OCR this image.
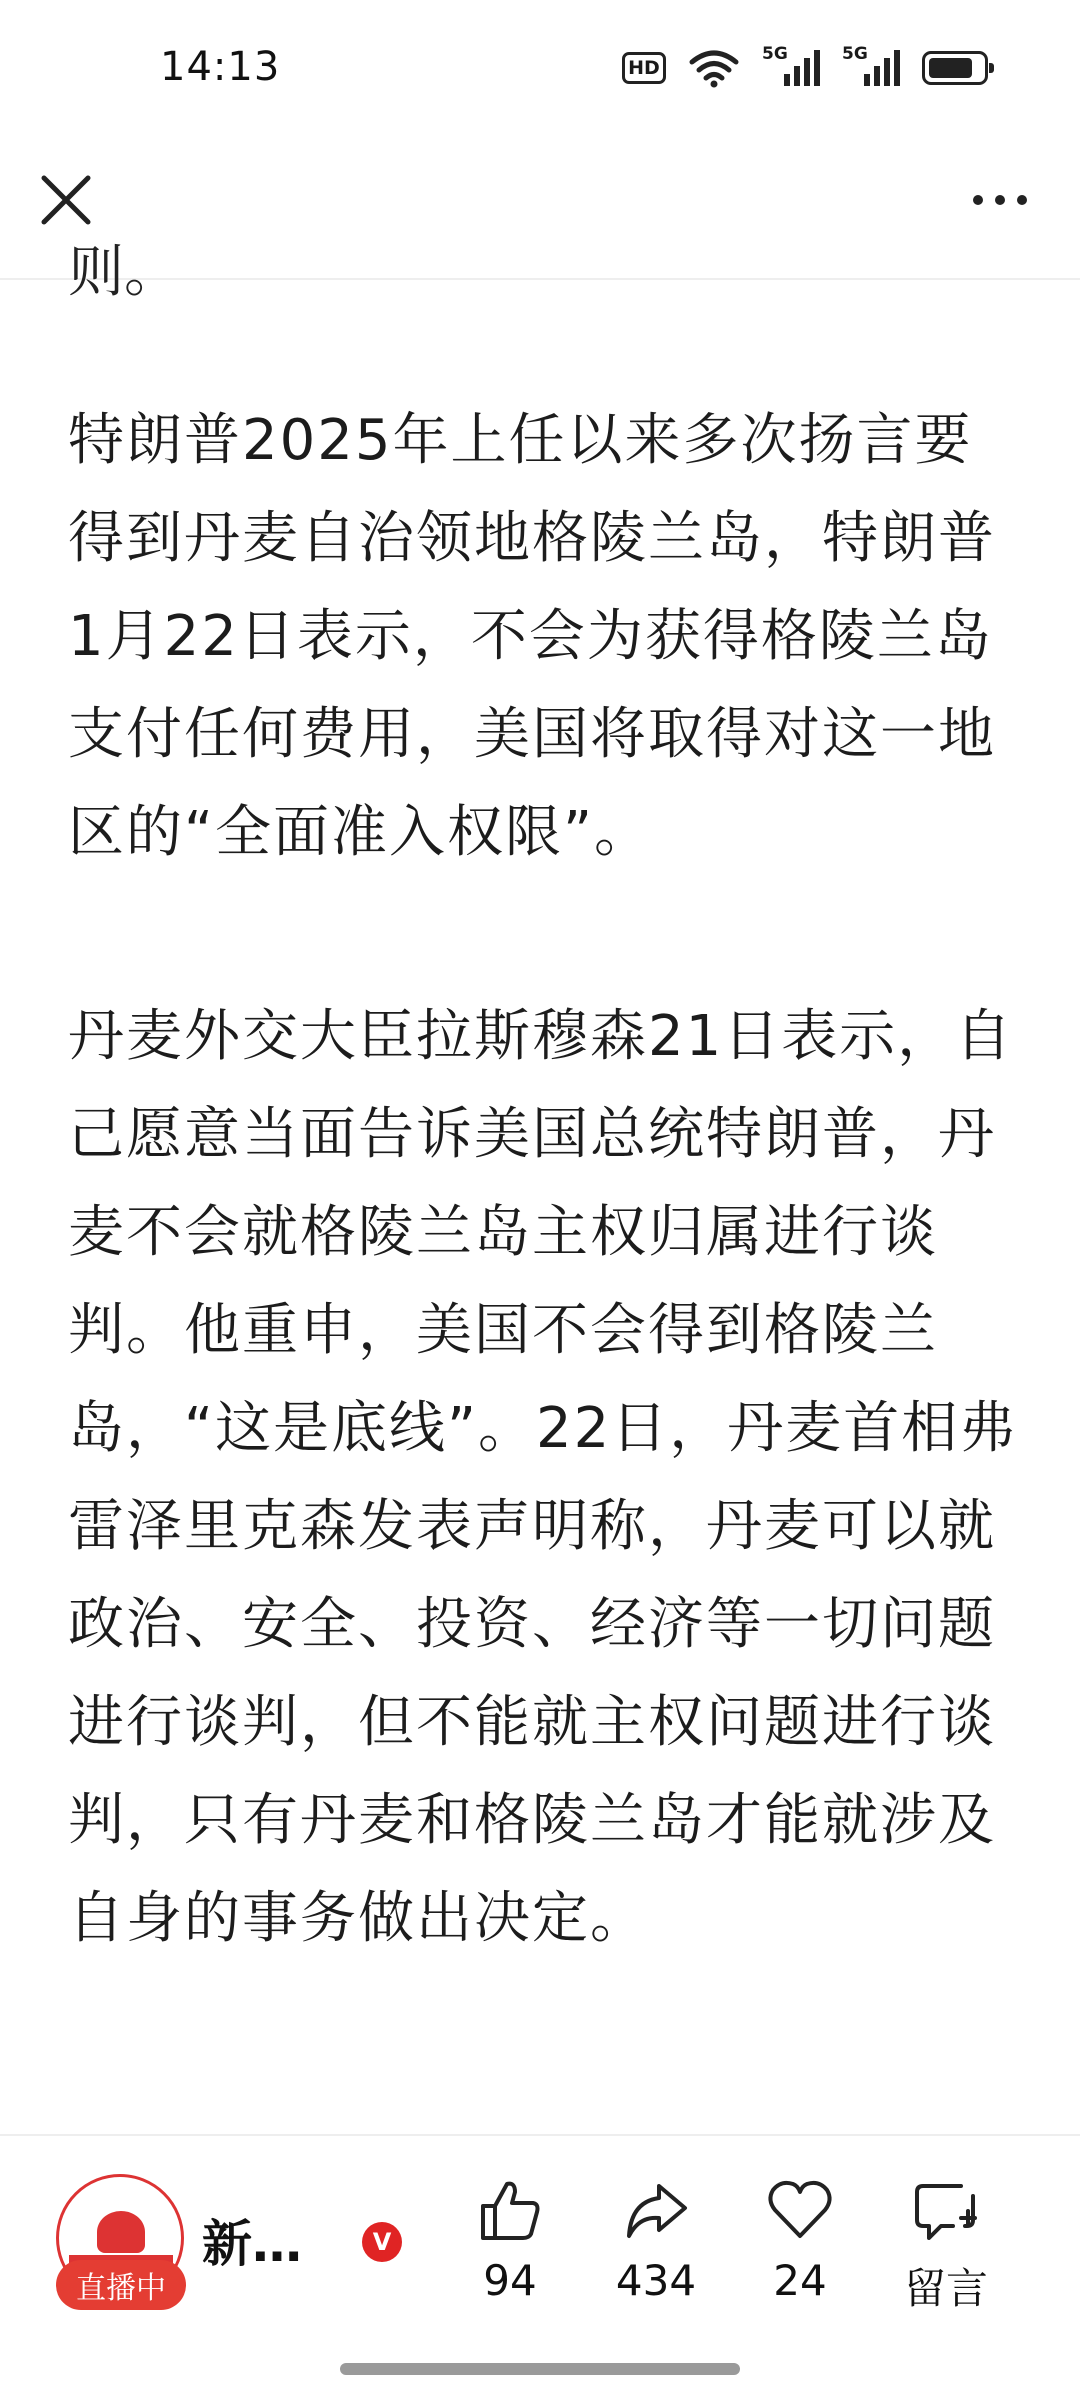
14:13	HD
5G	5G
则。

特朗普2025年上任以来多次扬言要得到丹麦自治领地格陵兰岛，特朗普1月22日表示，不会为获得格陵兰岛支付任何费用，美国将取得对这一地区的“全面准入权限”。

丹麦外交大臣拉斯穆森21日表示，自己愿意当面告诉美国总统特朗普，丹麦不会就格陵兰岛主权归属进行谈判。他重申，美国不会得到格陵兰岛，“这是底线”。22日，丹麦首相弗雷泽里克森发表声明称，丹麦可以就政治、安全、投资、经济等一切问题进行谈判，但不能就主权问题进行谈判，只有丹麦和格陵兰岛才能就涉及自身的事务做出决定。

直播中
新…	V
94	434	24	留言
